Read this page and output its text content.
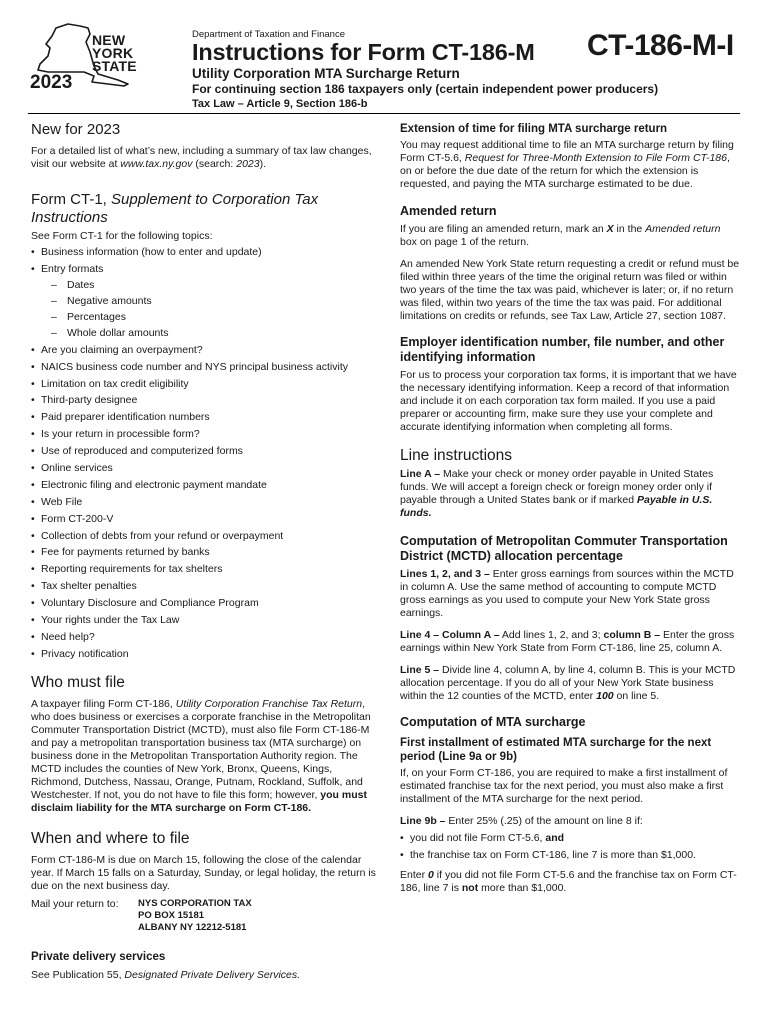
NEW
YORK
STATE
2023
Department of Taxation and Finance
Instructions for Form CT-186-M CT-186-M-I
Utility Corporation MTA Surcharge Return
For continuing section 186 taxpayers only (certain independent power producers)
Tax Law – Article 9, Section 186-b
New for 2023

For a detailed list of what’s new, including a summary of tax law changes, visit our website at www.tax.ny.gov (search: 2023).

Form CT-1, Supplement to Corporation Tax Instructions

See Form CT-1 for the following topics:

• Business information (how to enter and update)
• Entry formats
– Dates
– Negative amounts
– Percentages
– Whole dollar amounts
• Are you claiming an overpayment?
• NAICS business code number and NYS principal business activity
• Limitation on tax credit eligibility
• Third-party designee
• Paid preparer identification numbers
• Is your return in processible form?
• Use of reproduced and computerized forms
• Online services
• Electronic filing and electronic payment mandate
• Web File
• Form CT-200-V
• Collection of debts from your refund or overpayment
• Fee for payments returned by banks
• Reporting requirements for tax shelters
• Tax shelter penalties
• Voluntary Disclosure and Compliance Program
• Your rights under the Tax Law
• Need help?
• Privacy notification
Who must file

A taxpayer filing Form CT-186, Utility Corporation Franchise Tax Return, who does business or exercises a corporate franchise in the Metropolitan Commuter Transportation District (MCTD), must also file Form CT-186-M and pay a metropolitan transportation business tax (MTA surcharge) on business done in the Metropolitan Transportation Authority region. The MCTD includes the counties of New York, Bronx, Queens, Kings, Richmond, Dutchess, Nassau, Orange, Putnam, Rockland, Suffolk, and Westchester. If not, you do not have to file this form; however, you must disclaim liability for the MTA surcharge on Form CT-186.

When and where to file

Form CT-186-M is due on March 15, following the close of the calendar year. If March 15 falls on a Saturday, Sunday, or legal holiday, the return is due on the next business day.

Mail your return to:	NYS CORPORATION TAX
PO BOX 15181
ALBANY NY 12212-5181
Private delivery services

See Publication 55, Designated Private Delivery Services.

Extension of time for filing MTA surcharge return

You may request additional time to file an MTA surcharge return by filing Form CT-5.6, Request for Three-Month Extension to File Form CT-186, on or before the due date of the return for which the extension is requested, and paying the MTA surcharge estimated to be due.

Amended return

If you are filing an amended return, mark an X in the Amended return box on page 1 of the return.

An amended New York State return requesting a credit or refund must be filed within three years of the time the original return was filed or within two years of the time the tax was paid, whichever is later; or, if no return was filed, within two years of the time the tax was paid. For additional limitations on credits or refunds, see Tax Law, Article 27, section 1087.

Employer identification number, file number, and other identifying information

For us to process your corporation tax forms, it is important that we have the necessary identifying information. Keep a record of that information and include it on each corporation tax form mailed. If you use a paid preparer or accounting firm, make sure they use your complete and accurate identifying information when completing all forms.

Line instructions

Line A – Make your check or money order payable in United States funds. We will accept a foreign check or foreign money order only if payable through a United States bank or if marked Payable in U.S. funds.

Computation of Metropolitan Commuter Transportation District (MCTD) allocation percentage

Lines 1, 2, and 3 – Enter gross earnings from sources within the MCTD in column A. Use the same method of accounting to compute MCTD gross earnings as you used to compute your New York State gross earnings.

Line 4 – Column A – Add lines 1, 2, and 3; column B – Enter the gross earnings within New York State from Form CT-186, line 25, column A.

Line 5 – Divide line 4, column A, by line 4, column B. This is your MCTD allocation percentage. If you do all of your New York State business within the 12 counties of the MCTD, enter 100 on line 5.

Computation of MTA surcharge
First installment of estimated MTA surcharge for the next period (Line 9a or 9b)

If, on your Form CT-186, you are required to make a first installment of estimated franchise tax for the next period, you must also make a first installment of the MTA surcharge for the next period.

Line 9b – Enter 25% (.25) of the amount on line 8 if:

• you did not file Form CT-5.6, and
• the franchise tax on Form CT-186, line 7 is more than $1,000.

Enter 0 if you did not file Form CT-5.6 and the franchise tax on Form CT-186, line 7 is not more than $1,000.
